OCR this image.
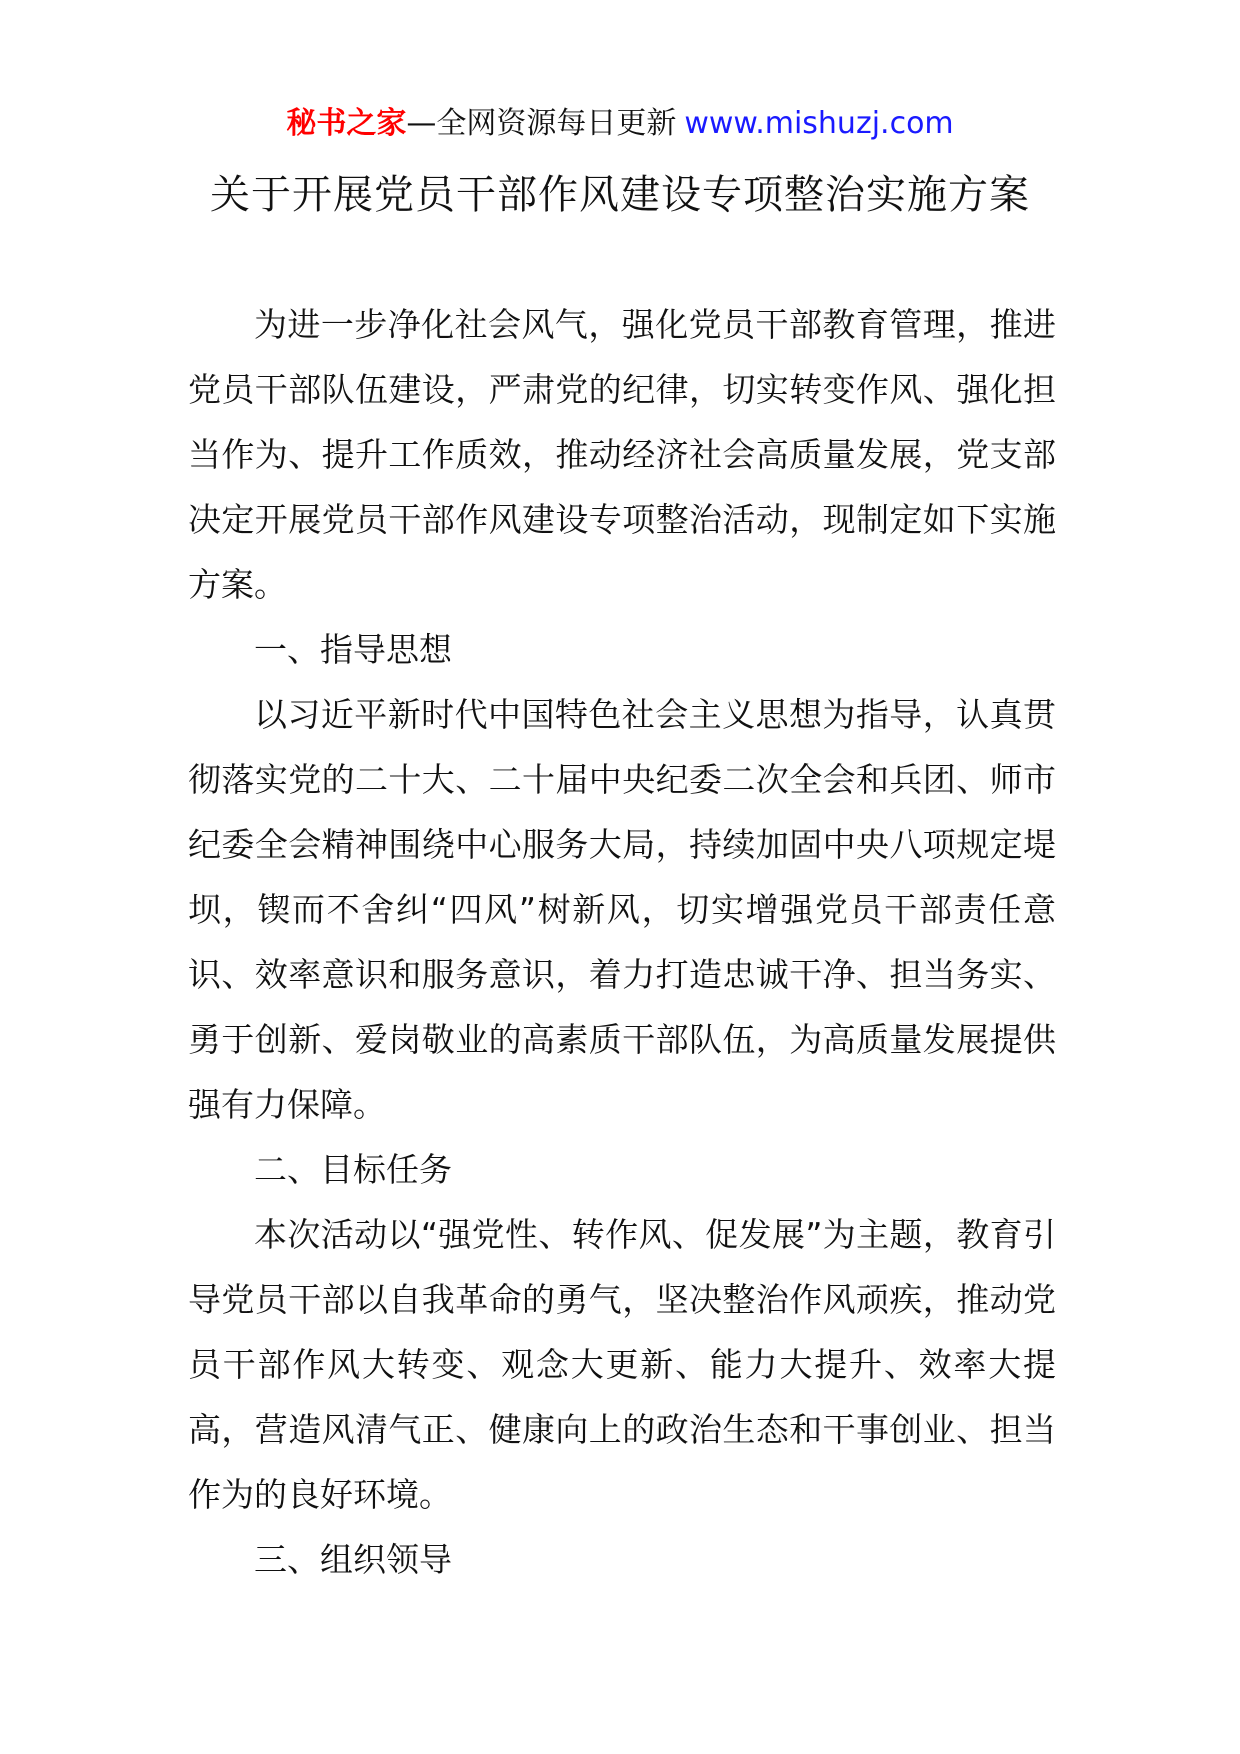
秘书之家—全网资源每日更新 www.mishuzj.com
关于开展党员干部作风建设专项整治实施方案

为进一步净化社会风气，强化党员干部教育管理，推进党员干部队伍建设，严肃党的纪律，切实转变作风、强化担当作为、提升工作质效，推动经济社会高质量发展，党支部决定开展党员干部作风建设专项整治活动，现制定如下实施方案。

一、指导思想

以习近平新时代中国特色社会主义思想为指导，认真贯彻落实党的二十大、二十届中央纪委二次全会和兵团、师市纪委全会精神围绕中心服务大局，持续加固中央八项规定堤坝，锲而不舍纠“四风”树新风，切实增强党员干部责任意识、效率意识和服务意识，着力打造忠诚干净、担当务实、勇于创新、爱岗敬业的高素质干部队伍，为高质量发展提供强有力保障。

二、目标任务

本次活动以“强党性、转作风、促发展”为主题，教育引导党员干部以自我革命的勇气，坚决整治作风顽疾，推动党员干部作风大转变、观念大更新、能力大提升、效率大提高，营造风清气正、健康向上的政治生态和干事创业、担当作为的良好环境。

三、组织领导
